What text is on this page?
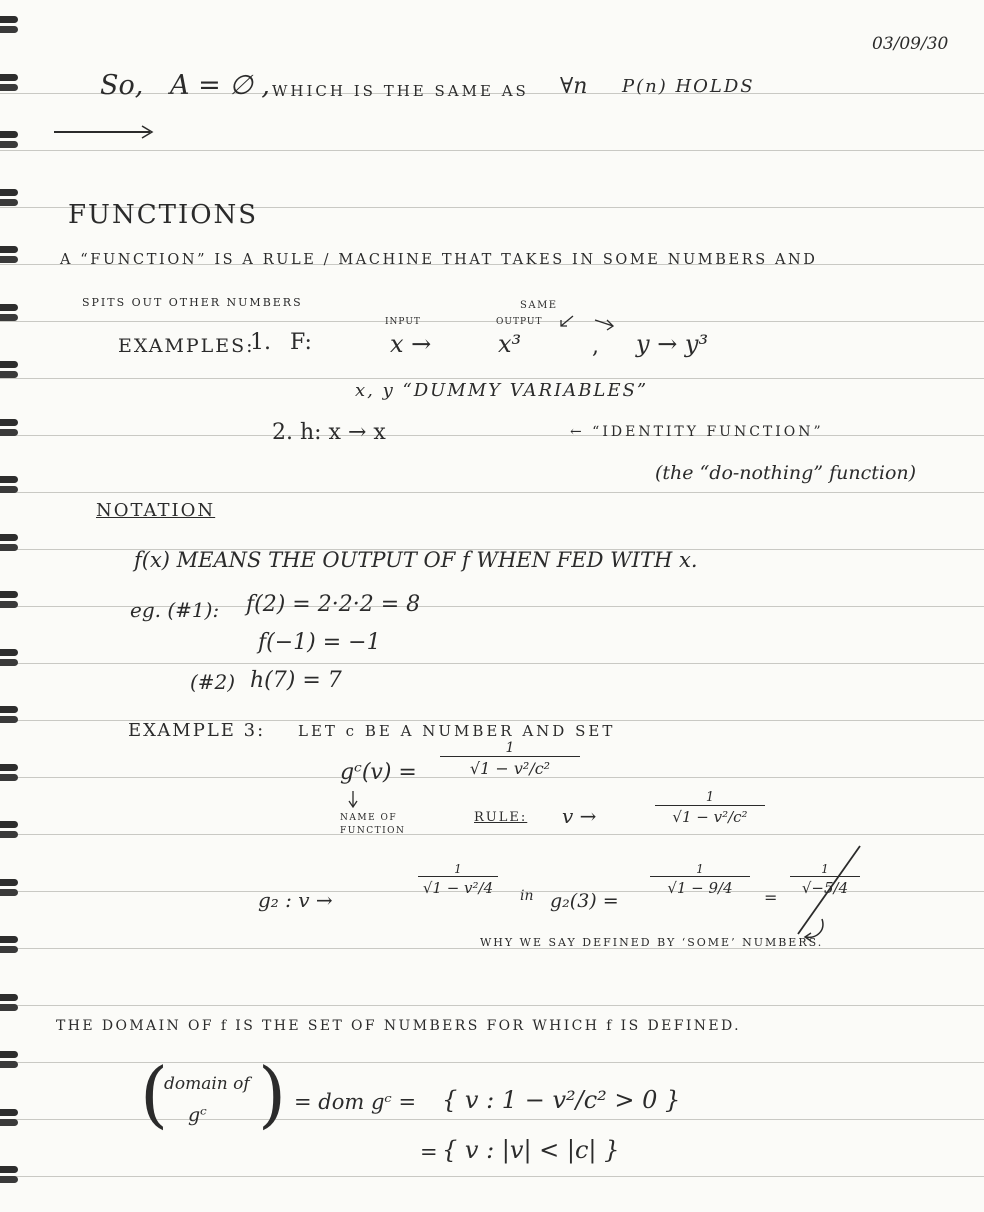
03/09/30
So, A = ∅ , WHICH IS THE SAME AS ∀n P(n) HOLDS
FUNCTIONS
A “FUNCTION” IS A RULE / MACHINE THAT TAKES IN SOME NUMBERS AND
SPITS OUT OTHER NUMBERS	SAME
INPUT	OUTPUT
EXAMPLES:
1. F:	x →	x³	, y → y³
x, y “DUMMY VARIABLES”
2. h: x → x	← “IDENTITY FUNCTION”
(the “do-nothing” function)
NOTATION
f(x) MEANS THE OUTPUT OF f WHEN FED WITH x.
eg. (#1): f(2) = 2·2·2 = 8
f(−1) = −1
(#2) h(7) = 7
EXAMPLE 3: LET c BE A NUMBER AND SET
gᶜ(v) = $\frac{1}{\text{√1 − v²/c²}}$
NAME OF
FUNCTION
RULE: v →	$\frac{1}{\text{√1 − v²/c²}}$
g₂ : v →
1
√1 − v²/4	in g₂(3) =
1
√1 − 9/4	=
1
√−5/4
WHY WE SAY DEFINED BY ‘SOME’ NUMBERS.
THE DOMAIN OF f IS THE SET OF NUMBERS FOR WHICH f IS DEFINED.
(
domain of
gᶜ ) = dom gᶜ = { v : 1 − v²/c² > 0 }
= { v : |v| < |c| }
